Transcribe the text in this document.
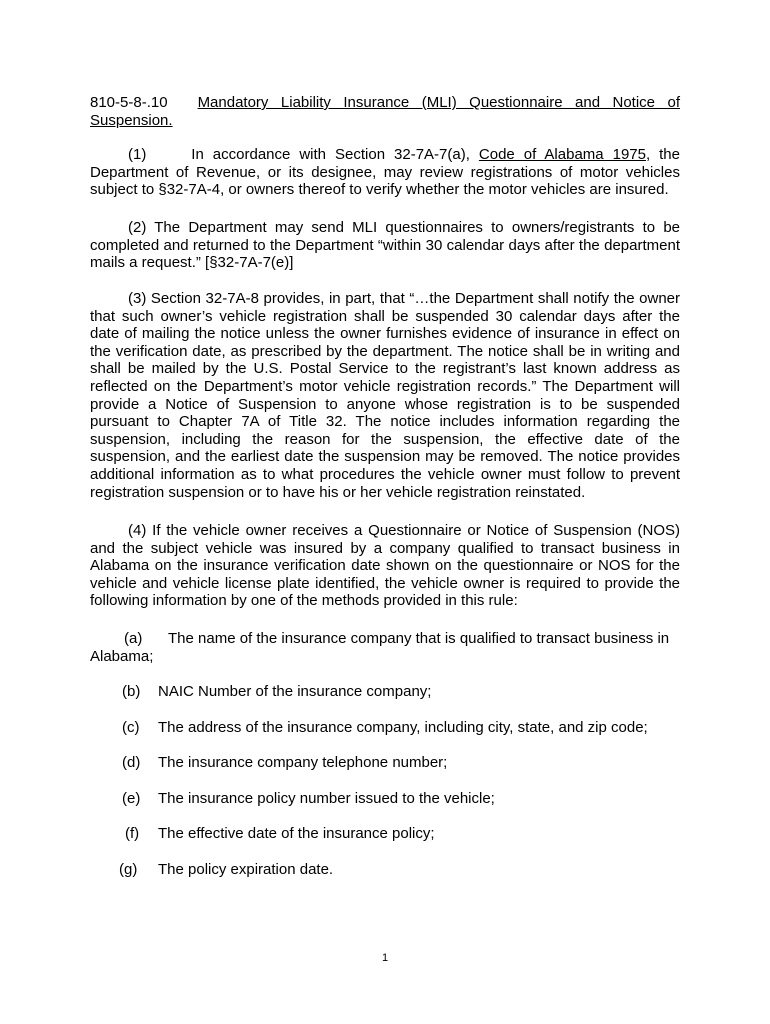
810-5-8-.10 Mandatory Liability Insurance (MLI) Questionnaire and Notice of Suspension.

(1)     In accordance with Section 32-7A-7(a), Code of Alabama 1975, the Department of Revenue, or its designee, may review registrations of motor vehicles subject to §32-7A-4, or owners thereof to verify whether the motor vehicles are insured.

(2) The Department may send MLI questionnaires to owners/registrants to be completed and returned to the Department “within 30 calendar days after the department mails a request.” [§32-7A-7(e)]

(3) Section 32-7A-8 provides, in part, that “…the Department shall notify the owner that such owner’s vehicle registration shall be suspended 30 calendar days after the date of mailing the notice unless the owner furnishes evidence of insurance in effect on the verification date, as prescribed by the department. The notice shall be in writing and shall be mailed by the U.S. Postal Service to the registrant’s last known address as reflected on the Department’s motor vehicle registration records.” The Department will provide a Notice of Suspension to anyone whose registration is to be suspended pursuant to Chapter 7A of Title 32. The notice includes information regarding the suspension, including the reason for the suspension, the effective date of the suspension, and the earliest date the suspension may be removed. The notice provides additional information as to what procedures the vehicle owner must follow to prevent registration suspension or to have his or her vehicle registration reinstated.

(4) If the vehicle owner receives a Questionnaire or Notice of Suspension (NOS) and the subject vehicle was insured by a company qualified to transact business in Alabama on the insurance verification date shown on the questionnaire or NOS for the vehicle and vehicle license plate identified, the vehicle owner is required to provide the following information by one of the methods provided in this rule:

(a) The name of the insurance company that is qualified to transact business in Alabama;
(b) NAIC Number of the insurance company;
(c) The address of the insurance company, including city, state, and zip code;
(d) The insurance company telephone number;
(e) The insurance policy number issued to the vehicle;
(f) The effective date of the insurance policy;
(g) The policy expiration date.
1
